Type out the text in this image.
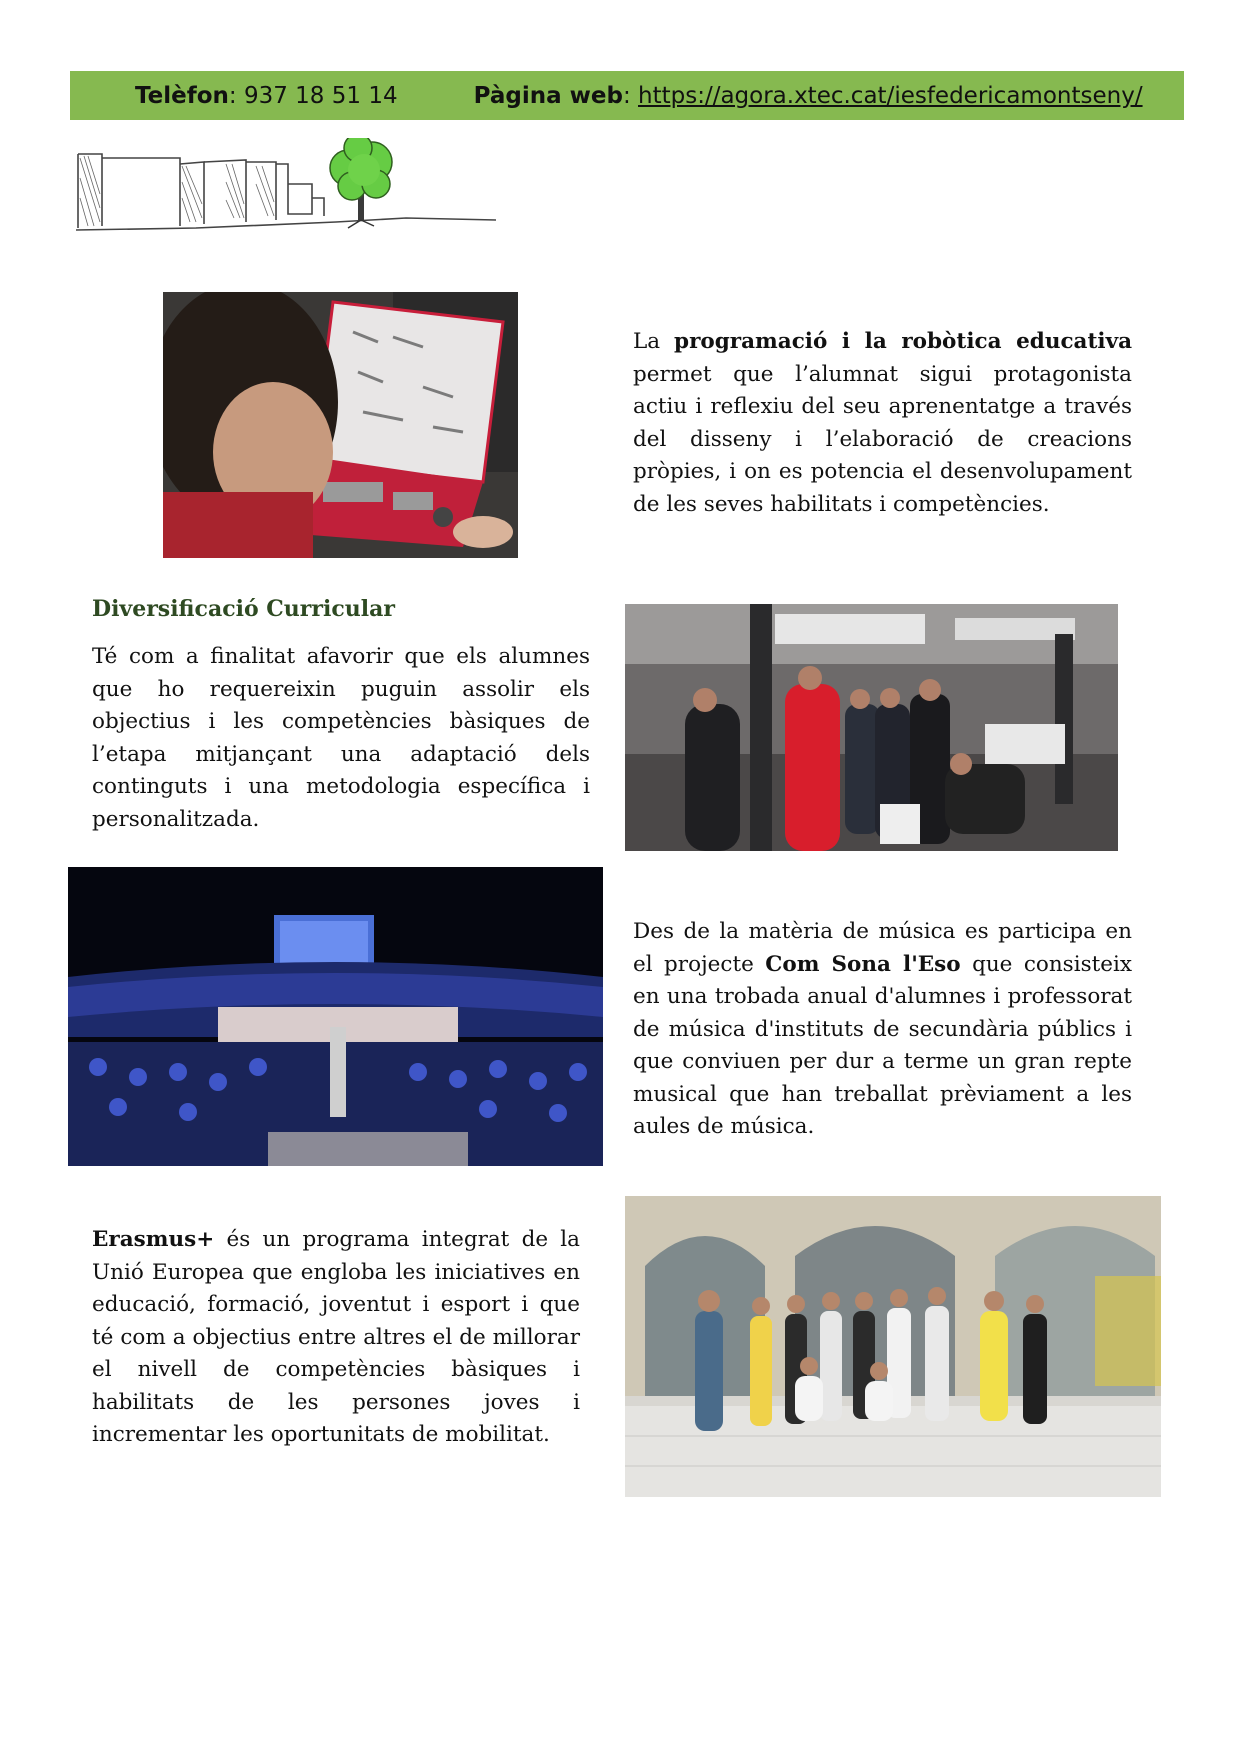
Telèfon: 937 18 51 14	Pàgina web: https://agora.xtec.cat/iesfedericamontseny/
La programació i la robòtica educativa permet que l’alumnat sigui protagonista actiu i reflexiu del seu aprenentatge a través del disseny i l’elaboració de creacions pròpies, i on es potencia el desenvolupament de les seves habilitats i competències.
Diversificació Curricular
Té com a finalitat afavorir que els alumnes que ho requereixin puguin assolir els objectius i les competències bàsiques de l’etapa mitjançant una adaptació dels continguts i una metodologia específica i personalitzada.
Des de la matèria de música es participa en el projecte Com Sona l'Eso que consisteix en una trobada anual d'alumnes i professorat de música d'instituts de secundària públics i que conviuen per dur a terme un gran repte musical que han treballat prèviament a les aules de música.
Erasmus+ és un programa integrat de la Unió Europea que engloba les iniciatives en educació, formació, joventut i esport i que té com a objectius entre altres el de millorar el nivell de competències bàsiques i habilitats de les persones joves i incrementar les oportunitats de mobilitat.
